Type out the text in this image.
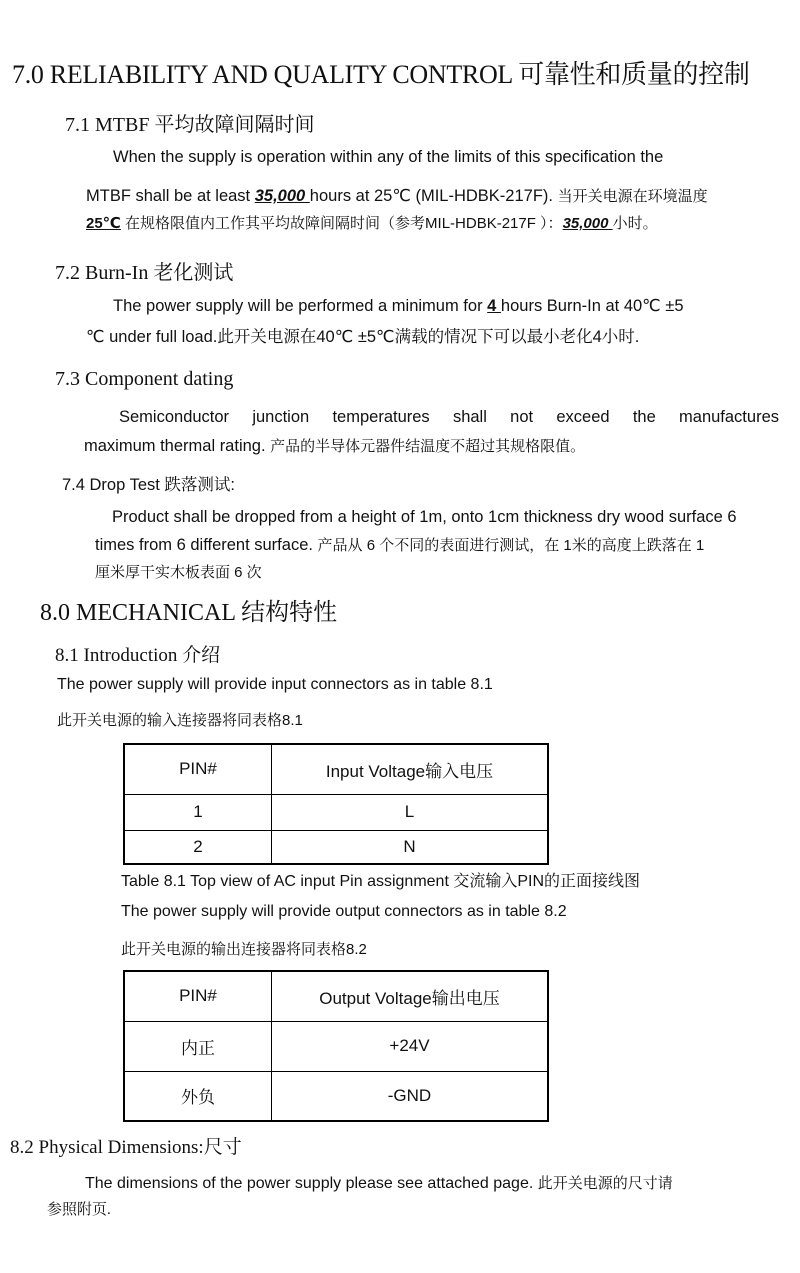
7.0 RELIABILITY AND QUALITY CONTROL 可靠性和质量的控制
7.1 MTBF 平均故障间隔时间
When the supply is operation within any of the limits of this specification the
MTBF shall be at least 35,000 hours at 25℃ (MIL-HDBK-217F). 当开关电源在环境温度
25℃ 在规格限值内工作其平均故障间隔时间（参考MIL-HDBK-217F ）：35,000 小时。
7.2 Burn-In 老化测试
The power supply will be performed a minimum for 4 hours Burn-In at 40℃ ±5
℃ under full load.此开关电源在40℃ ±5℃满载的情况下可以最小老化4小时.
7.3 Component dating
Semiconductor junction temperatures shall not exceed the manufactures
maximum thermal rating. 产品的半导体元器件结温度不超过其规格限值。
7.4 Drop Test 跌落测试:
Product shall be dropped from a height of 1m, onto 1cm thickness dry wood surface 6
times from 6 different surface. 产品从 6 个不同的表面进行测试，在 1米的高度上跌落在 1
厘米厚干实木板表面 6 次
8.0 MECHANICAL 结构特性
8.1 Introduction 介绍
The power supply will provide input connectors as in table 8.1
此开关电源的输入连接器将同表格8.1
PIN#	Input Voltage输入电压
1	L
2	N
Table 8.1 Top view of AC input Pin assignment 交流输入PIN的正面接线图
The power supply will provide output connectors as in table 8.2
此开关电源的输出连接器将同表格8.2
PIN#	Output Voltage输出电压
内正	+24V
外负	-GND
8.2 Physical Dimensions:尺寸
The dimensions of the power supply please see attached page. 此开关电源的尺寸请
参照附页.
